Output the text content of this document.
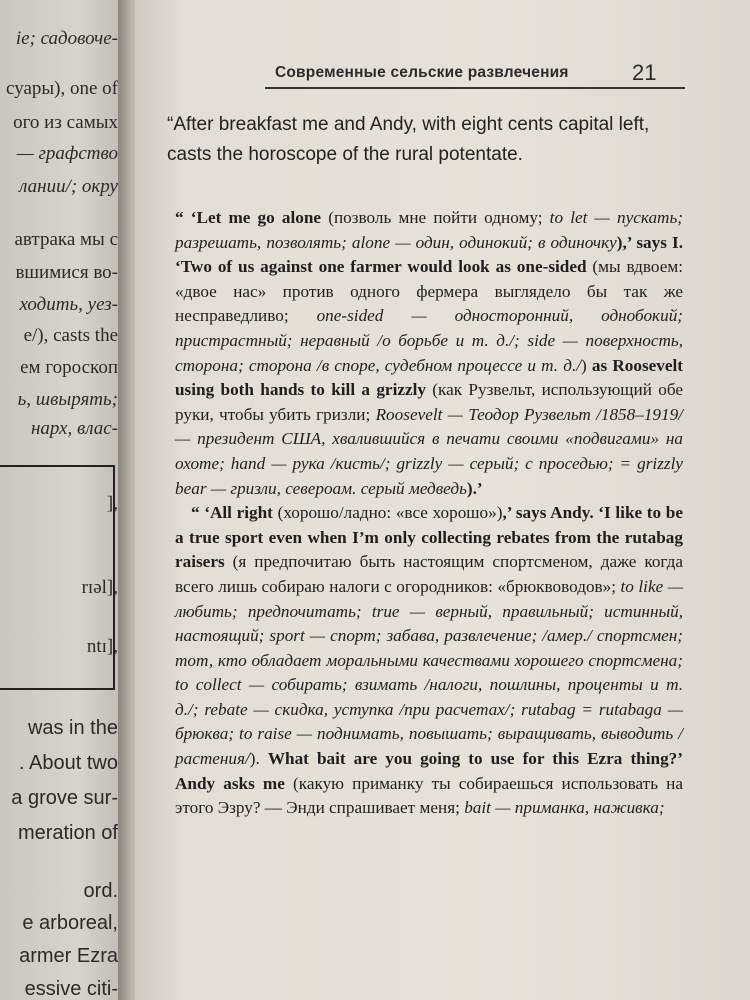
ie; садовоче-
суары), one of
ого из самых
— графство
лании/; окру
автрака мы с
вшимися во-
ходить, уез-
e/), casts the
ем гороскоп
ь, швырять;
нарх, влас-
],
rɪəl],
ntɪ],
was in the
. About two
a grove sur-
meration of
ord.
e arboreal,
armer Ezra
essive citi-
Современные сельские развлечения	21
“After breakfast me and Andy, with eight cents capital left, casts the horoscope of the rural potentate.

“ ‘Let me go alone (позволь мне пойти одному; to let — пускать; разрешать, позволять; alone — один, одинокий; в одиночку),’ says I. ‘Two of us against one farmer would look as one-sided (мы вдвоем: «двое нас» против одного фермера выглядело бы так же несправедливо; one-sided — односторонний, однобокий; пристрастный; неравный /о борьбе и т. д./; side — поверхность, сторона; сторона /в споре, судебном процессе и т. д./) as Roosevelt using both hands to kill a grizzly (как Рузвельт, использующий обе руки, чтобы убить гризли; Roosevelt — Теодор Рузвельт /1858–1919/ — президент США, хвалившийся в печати своими «подвигами» на охоте; hand — рука /кисть/; grizzly — серый; с проседью; = grizzly bear — гризли, североам. серый медведь).’

“ ‘All right (хорошо/ладно: «все хорошо»),’ says Andy. ‘I like to be a true sport even when I’m only collecting rebates from the rutabag raisers (я предпочитаю быть настоящим спортсменом, даже когда всего лишь собираю налоги с огородников: «брюквоводов»; to like — любить; предпочитать; true — верный, правильный; истинный, настоящий; sport — спорт; забава, развлечение; /амер./ спортсмен; тот, кто обладает моральными качествами хорошего спортсмена; to collect — собирать; взимать /налоги, пошлины, проценты и т. д./; rebate — скидка, уступка /при расчетах/; rutabag = rutabaga — брюква; to raise — поднимать, повышать; выращивать, выводить /растения/). What bait are you going to use for this Ezra thing?’ Andy asks me (какую приманку ты собираешься использовать на этого Эзру? — Энди спрашивает меня; bait — приманка, наживка;
